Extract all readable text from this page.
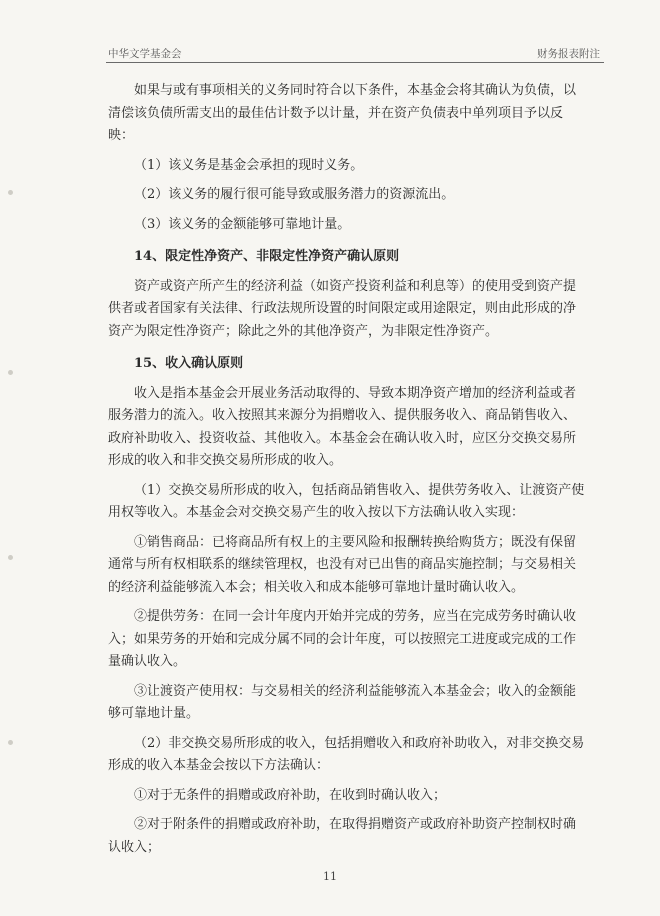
中华文学基金会	财务报表附注

如果与或有事项相关的义务同时符合以下条件，本基金会将其确认为负债，以清偿该负债所需支出的最佳估计数予以计量，并在资产负债表中单列项目予以反映：

（1）该义务是基金会承担的现时义务。

（2）该义务的履行很可能导致或服务潜力的资源流出。

（3）该义务的金额能够可靠地计量。

14、限定性净资产、非限定性净资产确认原则

资产或资产所产生的经济利益（如资产投资利益和利息等）的使用受到资产提供者或者国家有关法律、行政法规所设置的时间限定或用途限定，则由此形成的净资产为限定性净资产；除此之外的其他净资产，为非限定性净资产。

15、收入确认原则

收入是指本基金会开展业务活动取得的、导致本期净资产增加的经济利益或者服务潜力的流入。收入按照其来源分为捐赠收入、提供服务收入、商品销售收入、政府补助收入、投资收益、其他收入。本基金会在确认收入时，应区分交换交易所形成的收入和非交换交易所形成的收入。

（1）交换交易所形成的收入，包括商品销售收入、提供劳务收入、让渡资产使用权等收入。本基金会对交换交易产生的收入按以下方法确认收入实现：

①销售商品：已将商品所有权上的主要风险和报酬转换给购货方；既没有保留通常与所有权相联系的继续管理权，也没有对已出售的商品实施控制；与交易相关的经济利益能够流入本会；相关收入和成本能够可靠地计量时确认收入。

②提供劳务：在同一会计年度内开始并完成的劳务，应当在完成劳务时确认收入；如果劳务的开始和完成分属不同的会计年度，可以按照完工进度或完成的工作量确认收入。

③让渡资产使用权：与交易相关的经济利益能够流入本基金会；收入的金额能够可靠地计量。

（2）非交换交易所形成的收入，包括捐赠收入和政府补助收入，对非交换交易形成的收入本基金会按以下方法确认：

①对于无条件的捐赠或政府补助，在收到时确认收入；

②对于附条件的捐赠或政府补助，在取得捐赠资产或政府补助资产控制权时确认收入；

11
